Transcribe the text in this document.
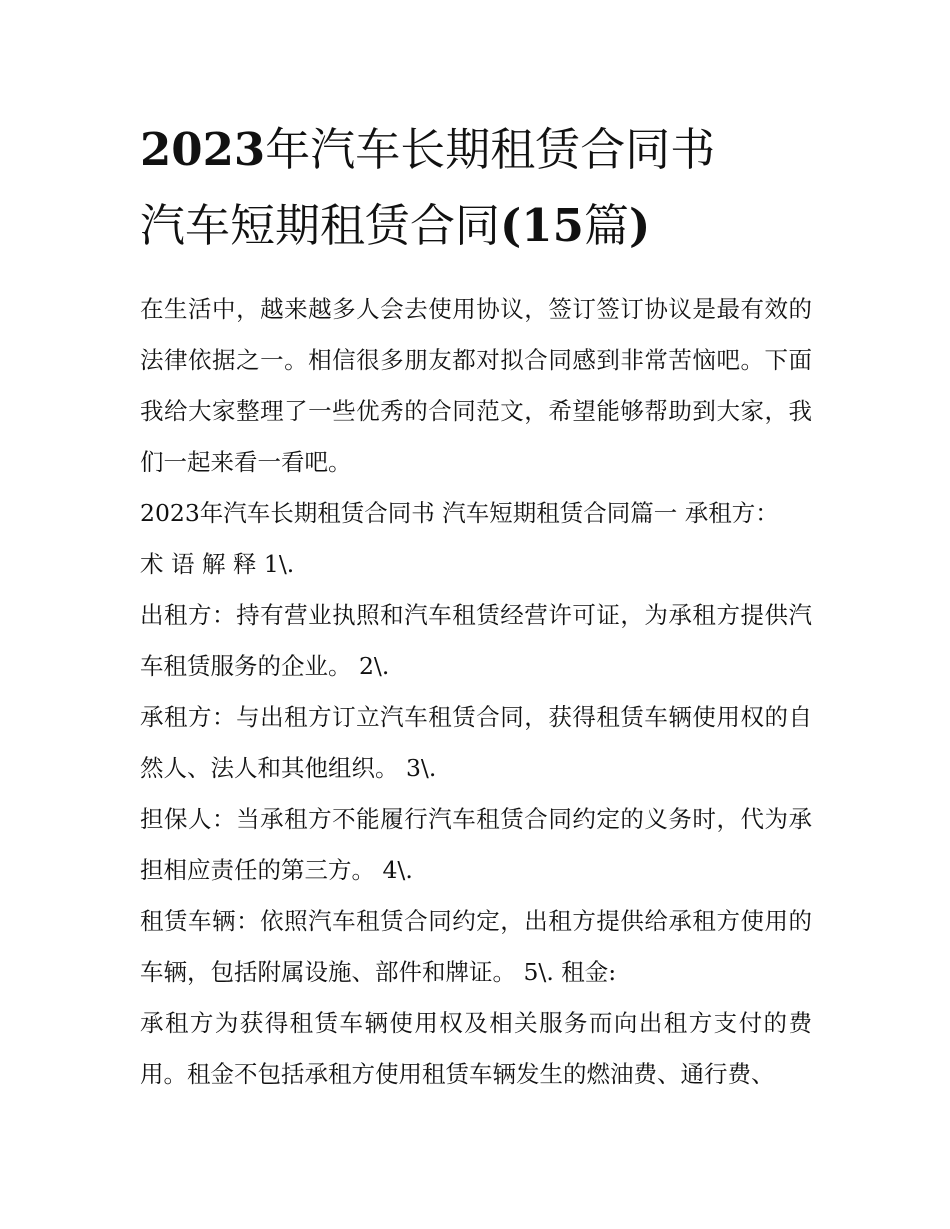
2023年汽车长期租赁合同书
汽车短期租赁合同(15篇)

在生活中，越来越多人会去使用协议，签订签订协议是最有效的法律依据之一。相信很多朋友都对拟合同感到非常苦恼吧。下面我给大家整理了一些优秀的合同范文，希望能够帮助到大家，我们一起来看一看吧。

2023年汽车长期租赁合同书 汽车短期租赁合同篇一 承租方：

术 语 解 释 1\.

出租方：持有营业执照和汽车租赁经营许可证，为承租方提供汽车租赁服务的企业。 2\.

承租方：与出租方订立汽车租赁合同，获得租赁车辆使用权的自然人、法人和其他组织。 3\.

担保人：当承租方不能履行汽车租赁合同约定的义务时，代为承担相应责任的第三方。 4\.

租赁车辆：依照汽车租赁合同约定，出租方提供给承租方使用的车辆，包括附属设施、部件和牌证。 5\. 租金:

承租方为获得租赁车辆使用权及相关服务而向出租方支付的费用。租金不包括承租方使用租赁车辆发生的燃油费、通行费、
